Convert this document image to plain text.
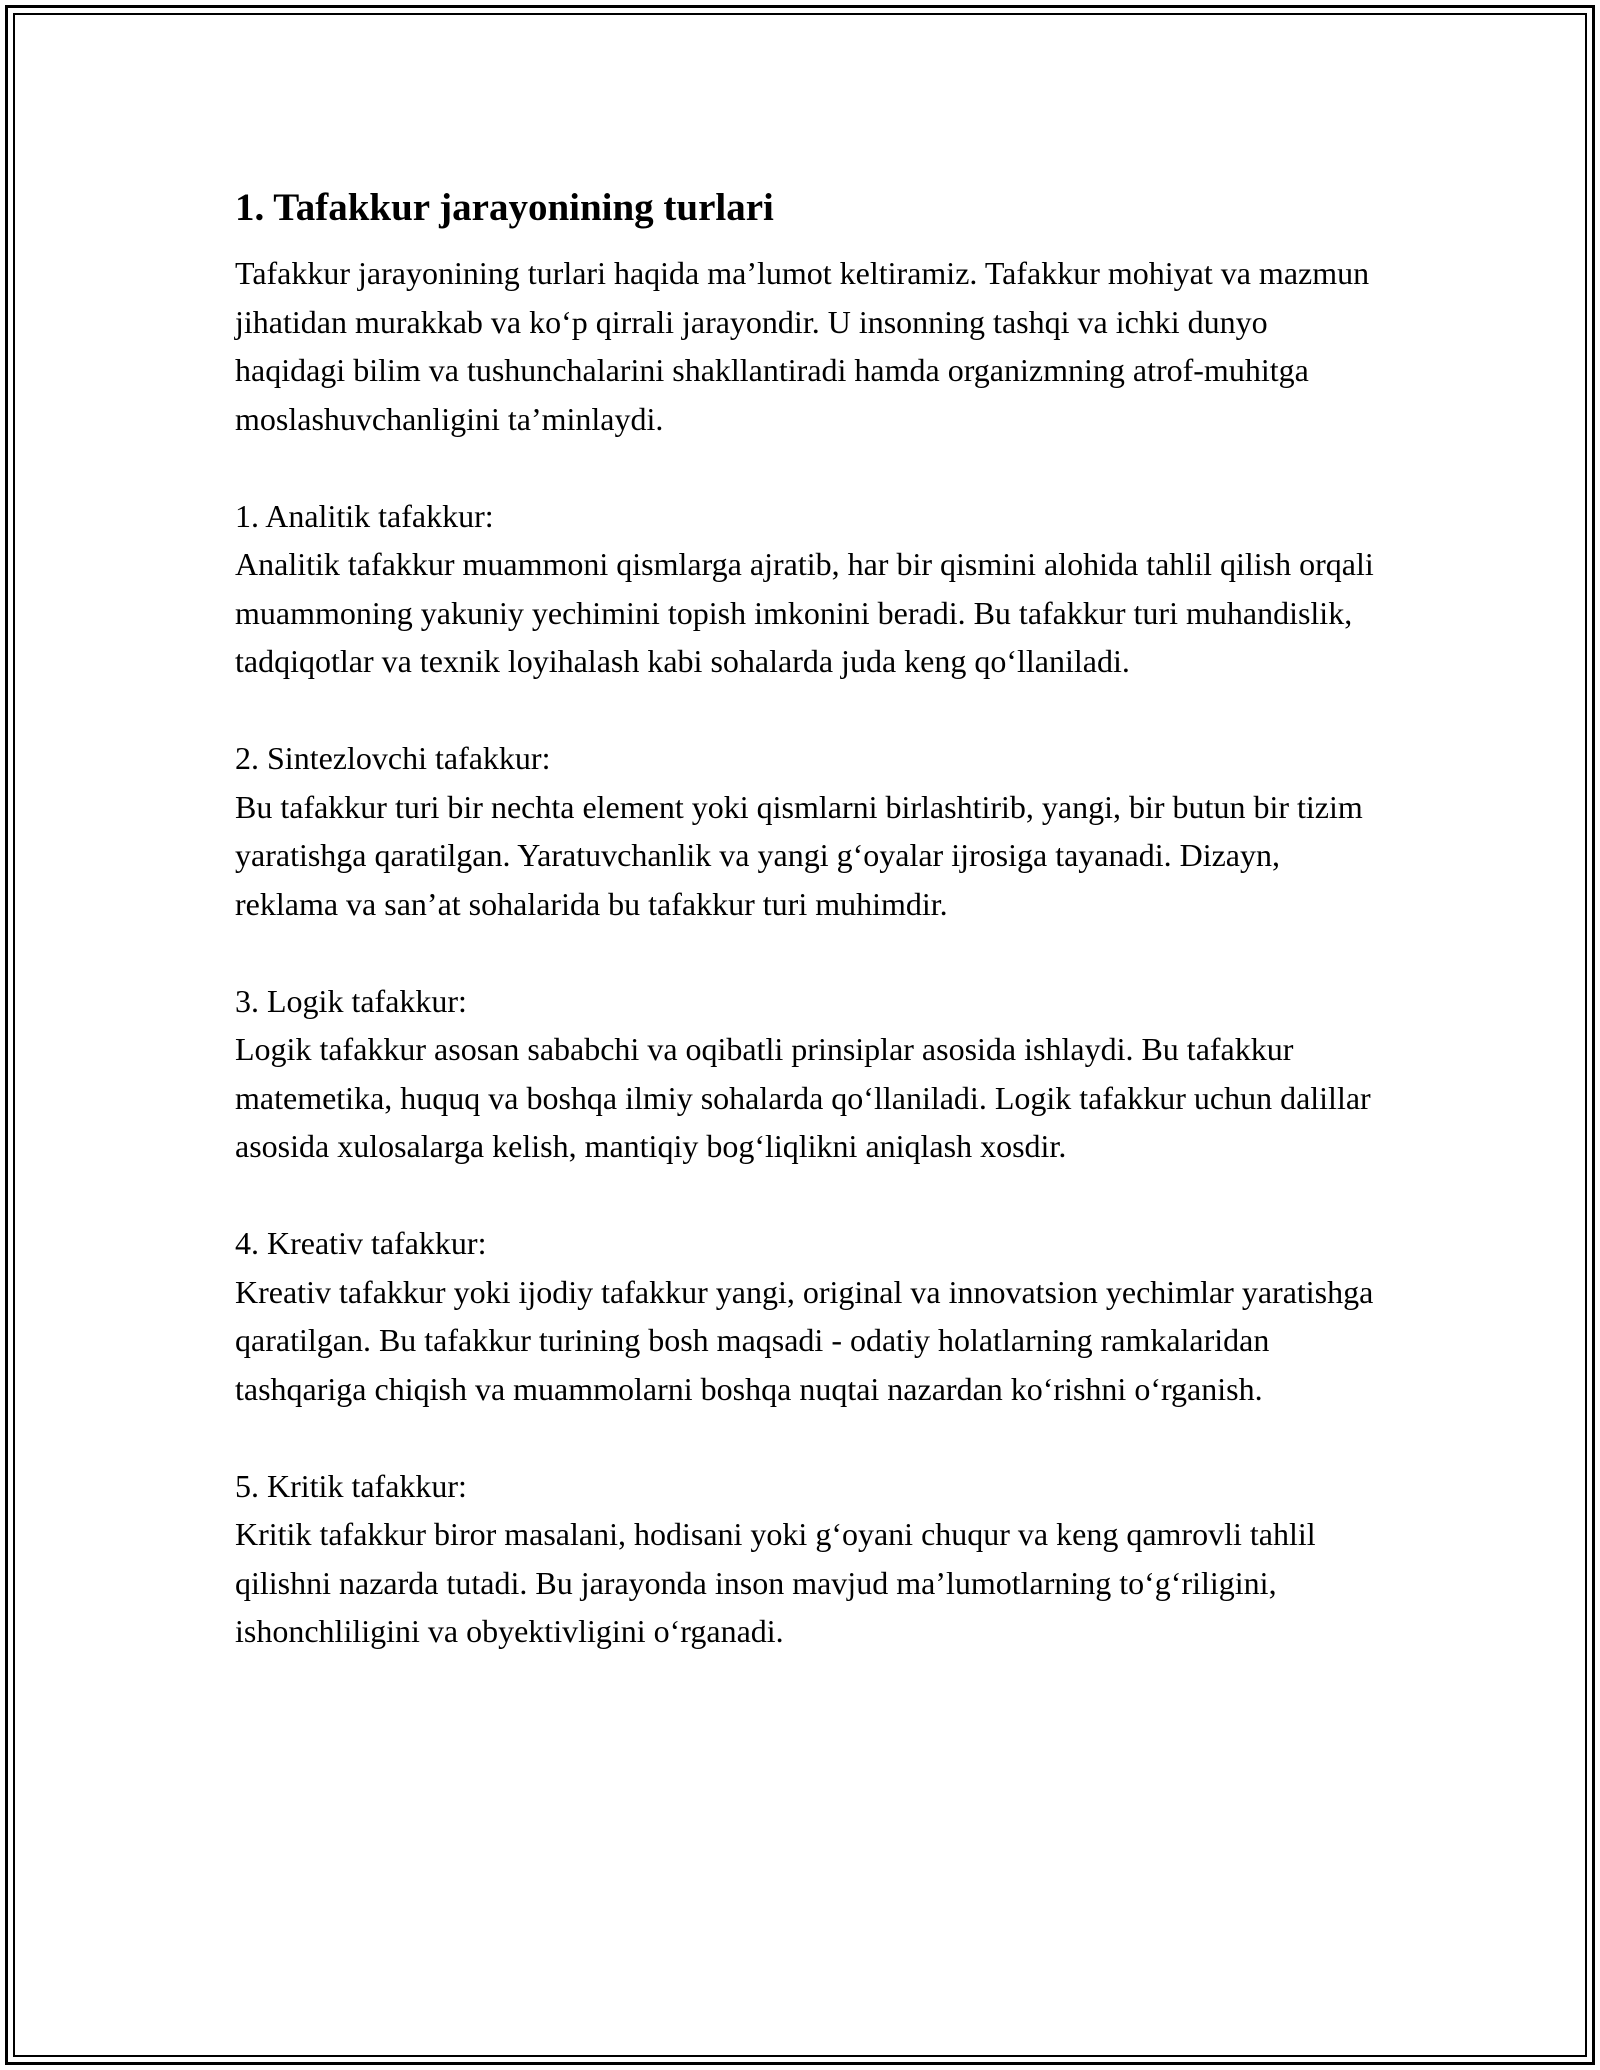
1. Tafakkur jarayonining turlari

Tafakkur jarayonining turlari haqida ma’lumot keltiramiz. Tafakkur mohiyat va mazmun jihatidan murakkab va ko‘p qirrali jarayondir. U insonning tashqi va ichki dunyo haqidagi bilim va tushunchalarini shakllantiradi hamda organizmning atrof-muhitga moslashuvchanligini ta’minlaydi.

1. Analitik tafakkur:

Analitik tafakkur muammoni qismlarga ajratib, har bir qismini alohida tahlil qilish orqali muammoning yakuniy yechimini topish imkonini beradi. Bu tafakkur turi muhandislik, tadqiqotlar va texnik loyihalash kabi sohalarda juda keng qo‘llaniladi.

2. Sintezlovchi tafakkur:

Bu tafakkur turi bir nechta element yoki qismlarni birlashtirib, yangi, bir butun bir tizim yaratishga qaratilgan. Yaratuvchanlik va yangi g‘oyalar ijrosiga tayanadi. Dizayn, reklama va san’at sohalarida bu tafakkur turi muhimdir.

3. Logik tafakkur:

Logik tafakkur asosan sababchi va oqibatli prinsiplar asosida ishlaydi. Bu tafakkur matemetika, huquq va boshqa ilmiy sohalarda qo‘llaniladi. Logik tafakkur uchun dalillar asosida xulosalarga kelish, mantiqiy bog‘liqlikni aniqlash xosdir.

4. Kreativ tafakkur:

Kreativ tafakkur yoki ijodiy tafakkur yangi, original va innovatsion yechimlar yaratishga qaratilgan. Bu tafakkur turining bosh maqsadi - odatiy holatlarning ramkalaridan tashqariga chiqish va muammolarni boshqa nuqtai nazardan ko‘rishni o‘rganish.

5. Kritik tafakkur:

Kritik tafakkur biror masalani, hodisani yoki g‘oyani chuqur va keng qamrovli tahlil qilishni nazarda tutadi. Bu jarayonda inson mavjud ma’lumotlarning to‘g‘riligini, ishonchliligini va obyektivligini o‘rganadi.
